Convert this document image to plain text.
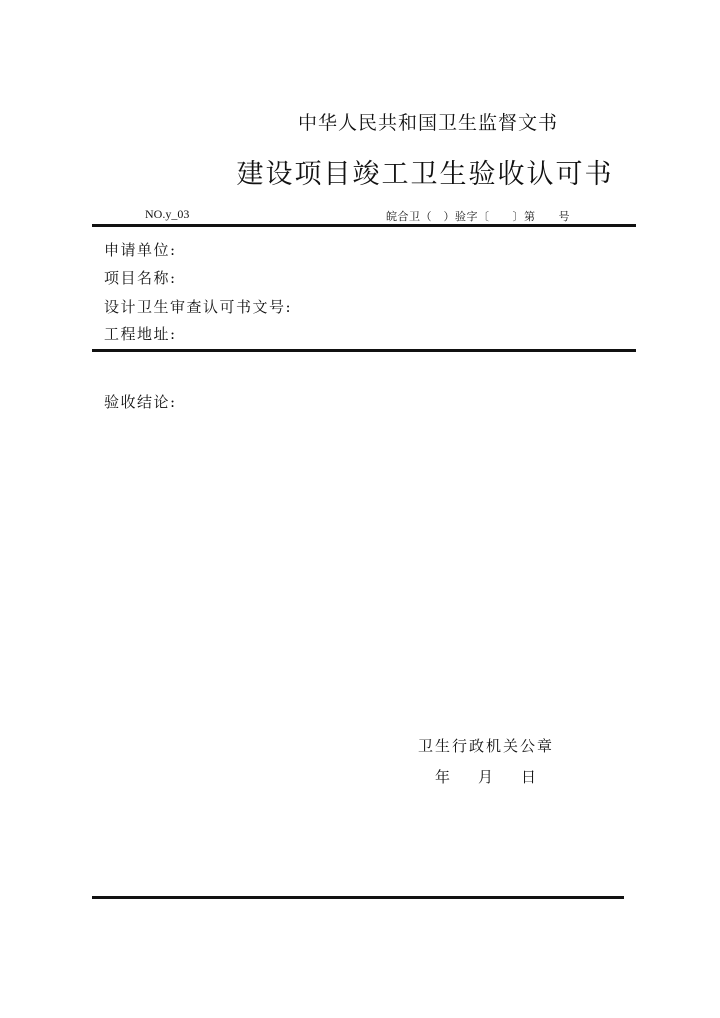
中华人民共和国卫生监督文书
建设项目竣工卫生验收认可书
NO.y_03	皖合卫（　）验字〔　　〕第　　号
申请单位:
项目名称:
设计卫生审查认可书文号:
工程地址:
验收结论:
卫生行政机关公章
年 月 日
